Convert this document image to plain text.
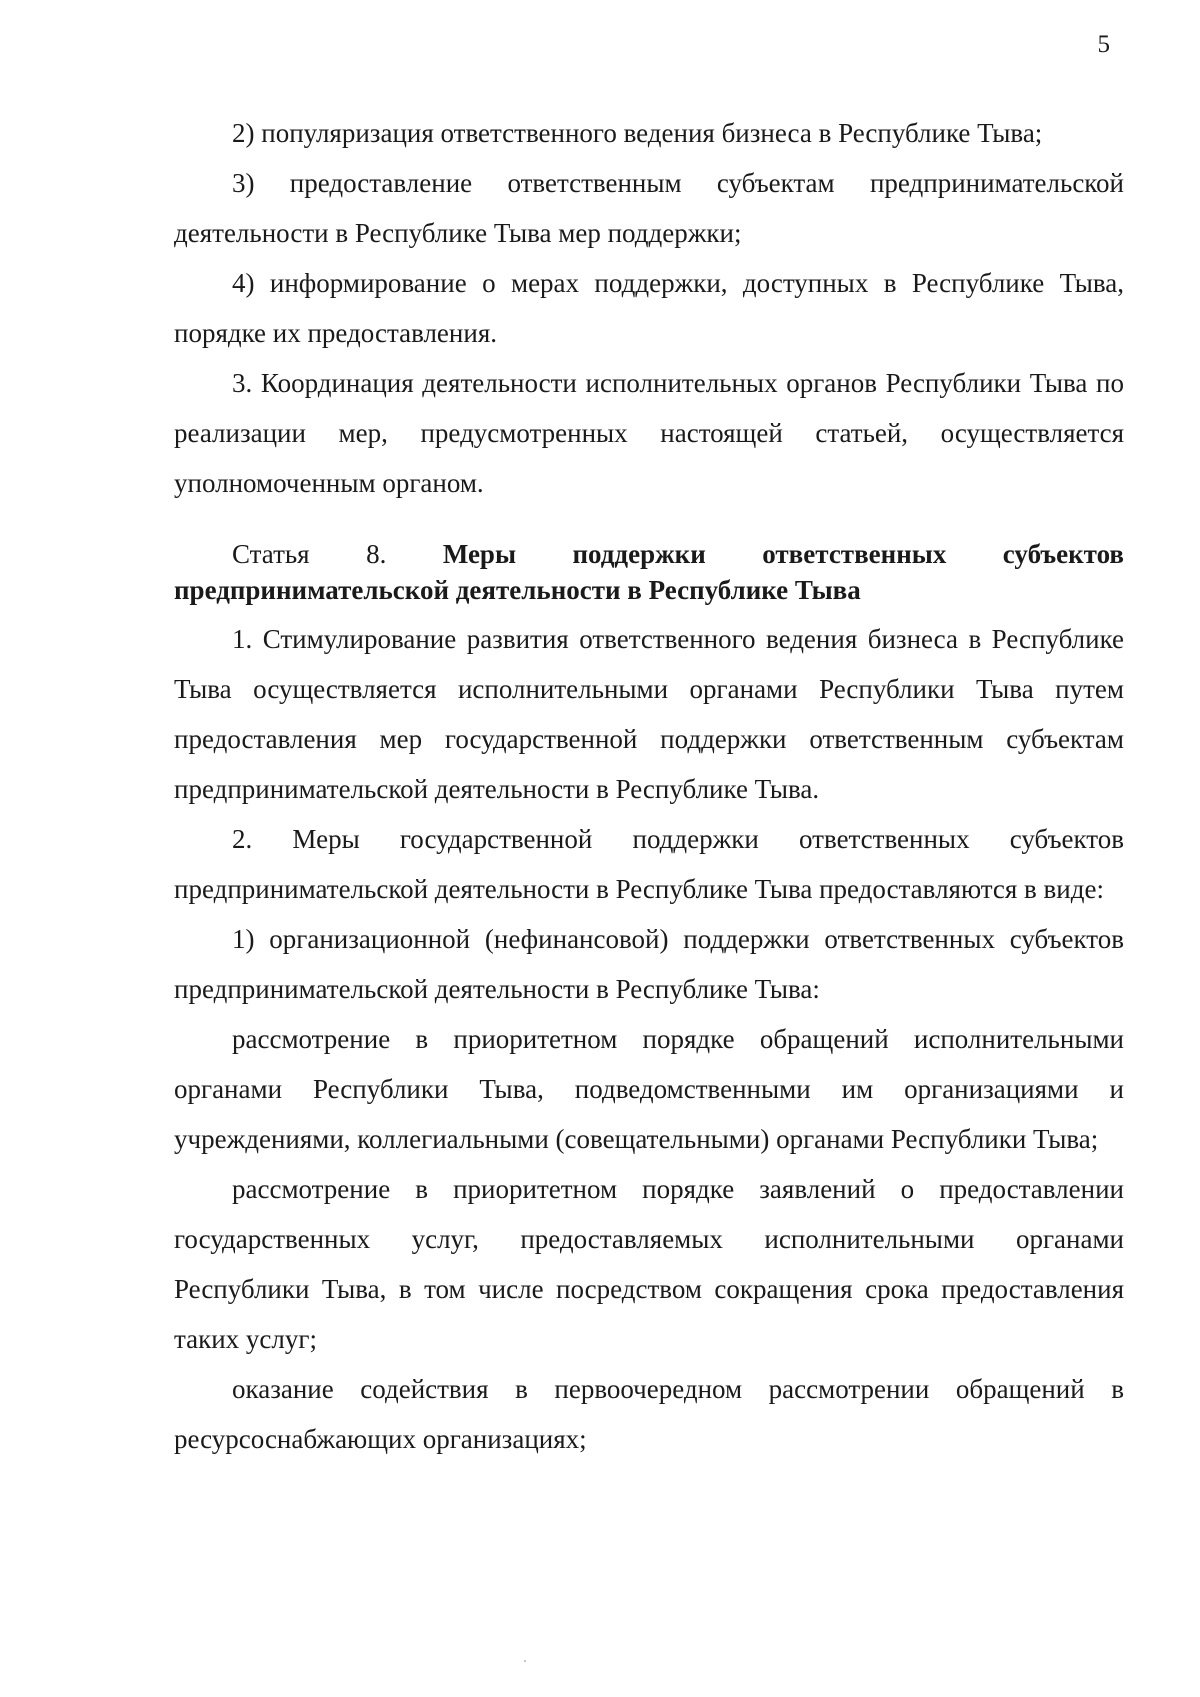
5

2) популяризация ответственного ведения бизнеса в Республике Тыва;

3) предоставление ответственным субъектам предпринимательской деятельности в Республике Тыва мер поддержки;

4) информирование о мерах поддержки, доступных в Республике Тыва, порядке их предоставления.

3. Координация деятельности исполнительных органов Республики Тыва по реализации мер, предусмотренных настоящей статьей, осуществляется уполномоченным органом.

Статья 8. Меры поддержки ответственных субъектов предпринимательской деятельности в Республике Тыва

1. Стимулирование развития ответственного ведения бизнеса в Республике Тыва осуществляется исполнительными органами Республики Тыва путем предоставления мер государственной поддержки ответственным субъектам предпринимательской деятельности в Республике Тыва.

2. Меры государственной поддержки ответственных субъектов предпринимательской деятельности в Республике Тыва предоставляются в виде:

1) организационной (нефинансовой) поддержки ответственных субъектов предпринимательской деятельности в Республике Тыва:

рассмотрение в приоритетном порядке обращений исполнительными органами Республики Тыва, подведомственными им организациями и учреждениями, коллегиальными (совещательными) органами Республики Тыва;

рассмотрение в приоритетном порядке заявлений о предоставлении государственных услуг, предоставляемых исполнительными органами Республики Тыва, в том числе посредством сокращения срока предоставления таких услуг;

оказание содействия в первоочередном рассмотрении обращений в ресурсоснабжающих организациях;
